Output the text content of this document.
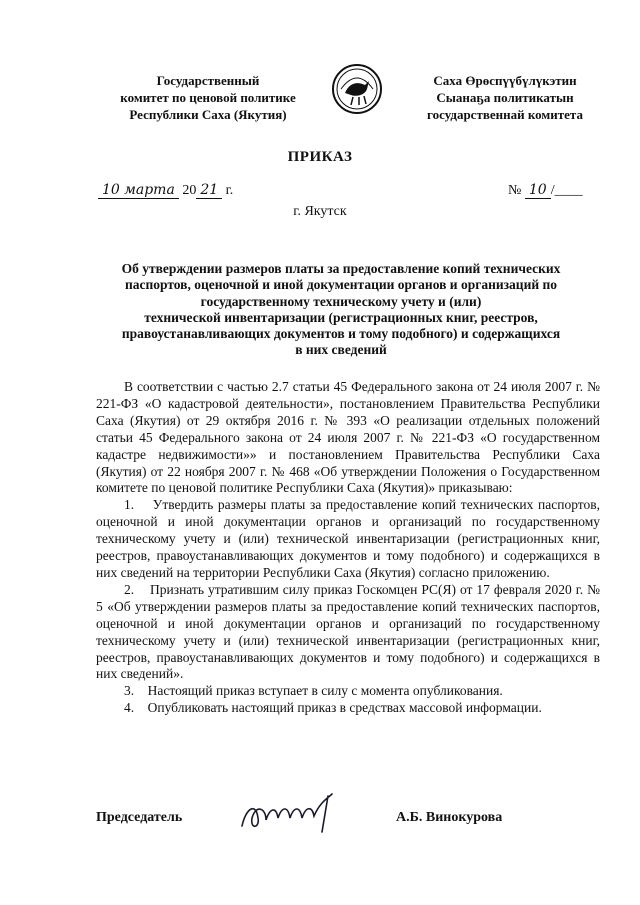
Государственный
комитет по ценовой политике
Республики Саха (Якутия)
Саха Өрөспүүбүлүкэтин
Сыанаҕа политикатын
государственнай комитета
ПРИКАЗ
10 марта 20 21 г.	№ 10 /____
г. Якутск
Об утверждении размеров платы за предоставление копий технических
паспортов, оценочной и иной документации органов и организаций по
государственному техническому учету и (или)
технической инвентаризации (регистрационных книг, реестров,
правоустанавливающих документов и тому подобного) и содержащихся
в них сведений

В соответствии с частью 2.7 статьи 45 Федерального закона от 24 июля 2007 г. № 221-ФЗ «О кадастровой деятельности», постановлением Правительства Республики Саха (Якутия) от 29 октября 2016 г. № 393 «О реализации отдельных положений статьи 45 Федерального закона от 24 июля 2007 г. № 221-ФЗ «О государственном кадастре недвижимости»» и постановлением Правительства Республики Саха (Якутия) от 22 ноября 2007 г. № 468 «Об утверждении Положения о Государственном комитете по ценовой политике Республики Саха (Якутия)» приказываю:

1.    Утвердить размеры платы за предоставление копий технических паспортов, оценочной и иной документации органов и организаций по государственному техническому учету и (или) технической инвентаризации (регистрационных книг, реестров, правоустанавливающих документов и тому подобного) и содержащихся в них сведений на территории Республики Саха (Якутия) согласно приложению.

2.    Признать утратившим силу приказ Госкомцен РС(Я) от 17 февраля 2020 г. № 5 «Об утверждении размеров платы за предоставление копий технических паспортов, оценочной и иной документации органов и организаций по государственному техническому учету и (или) технической инвентаризации (регистрационных книг, реестров, правоустанавливающих документов и тому подобного) и содержащихся в них сведений».

3.    Настоящий приказ вступает в силу с момента опубликования.

4.    Опубликовать настоящий приказ в средствах массовой информации.

Председатель	А.Б. Винокурова
